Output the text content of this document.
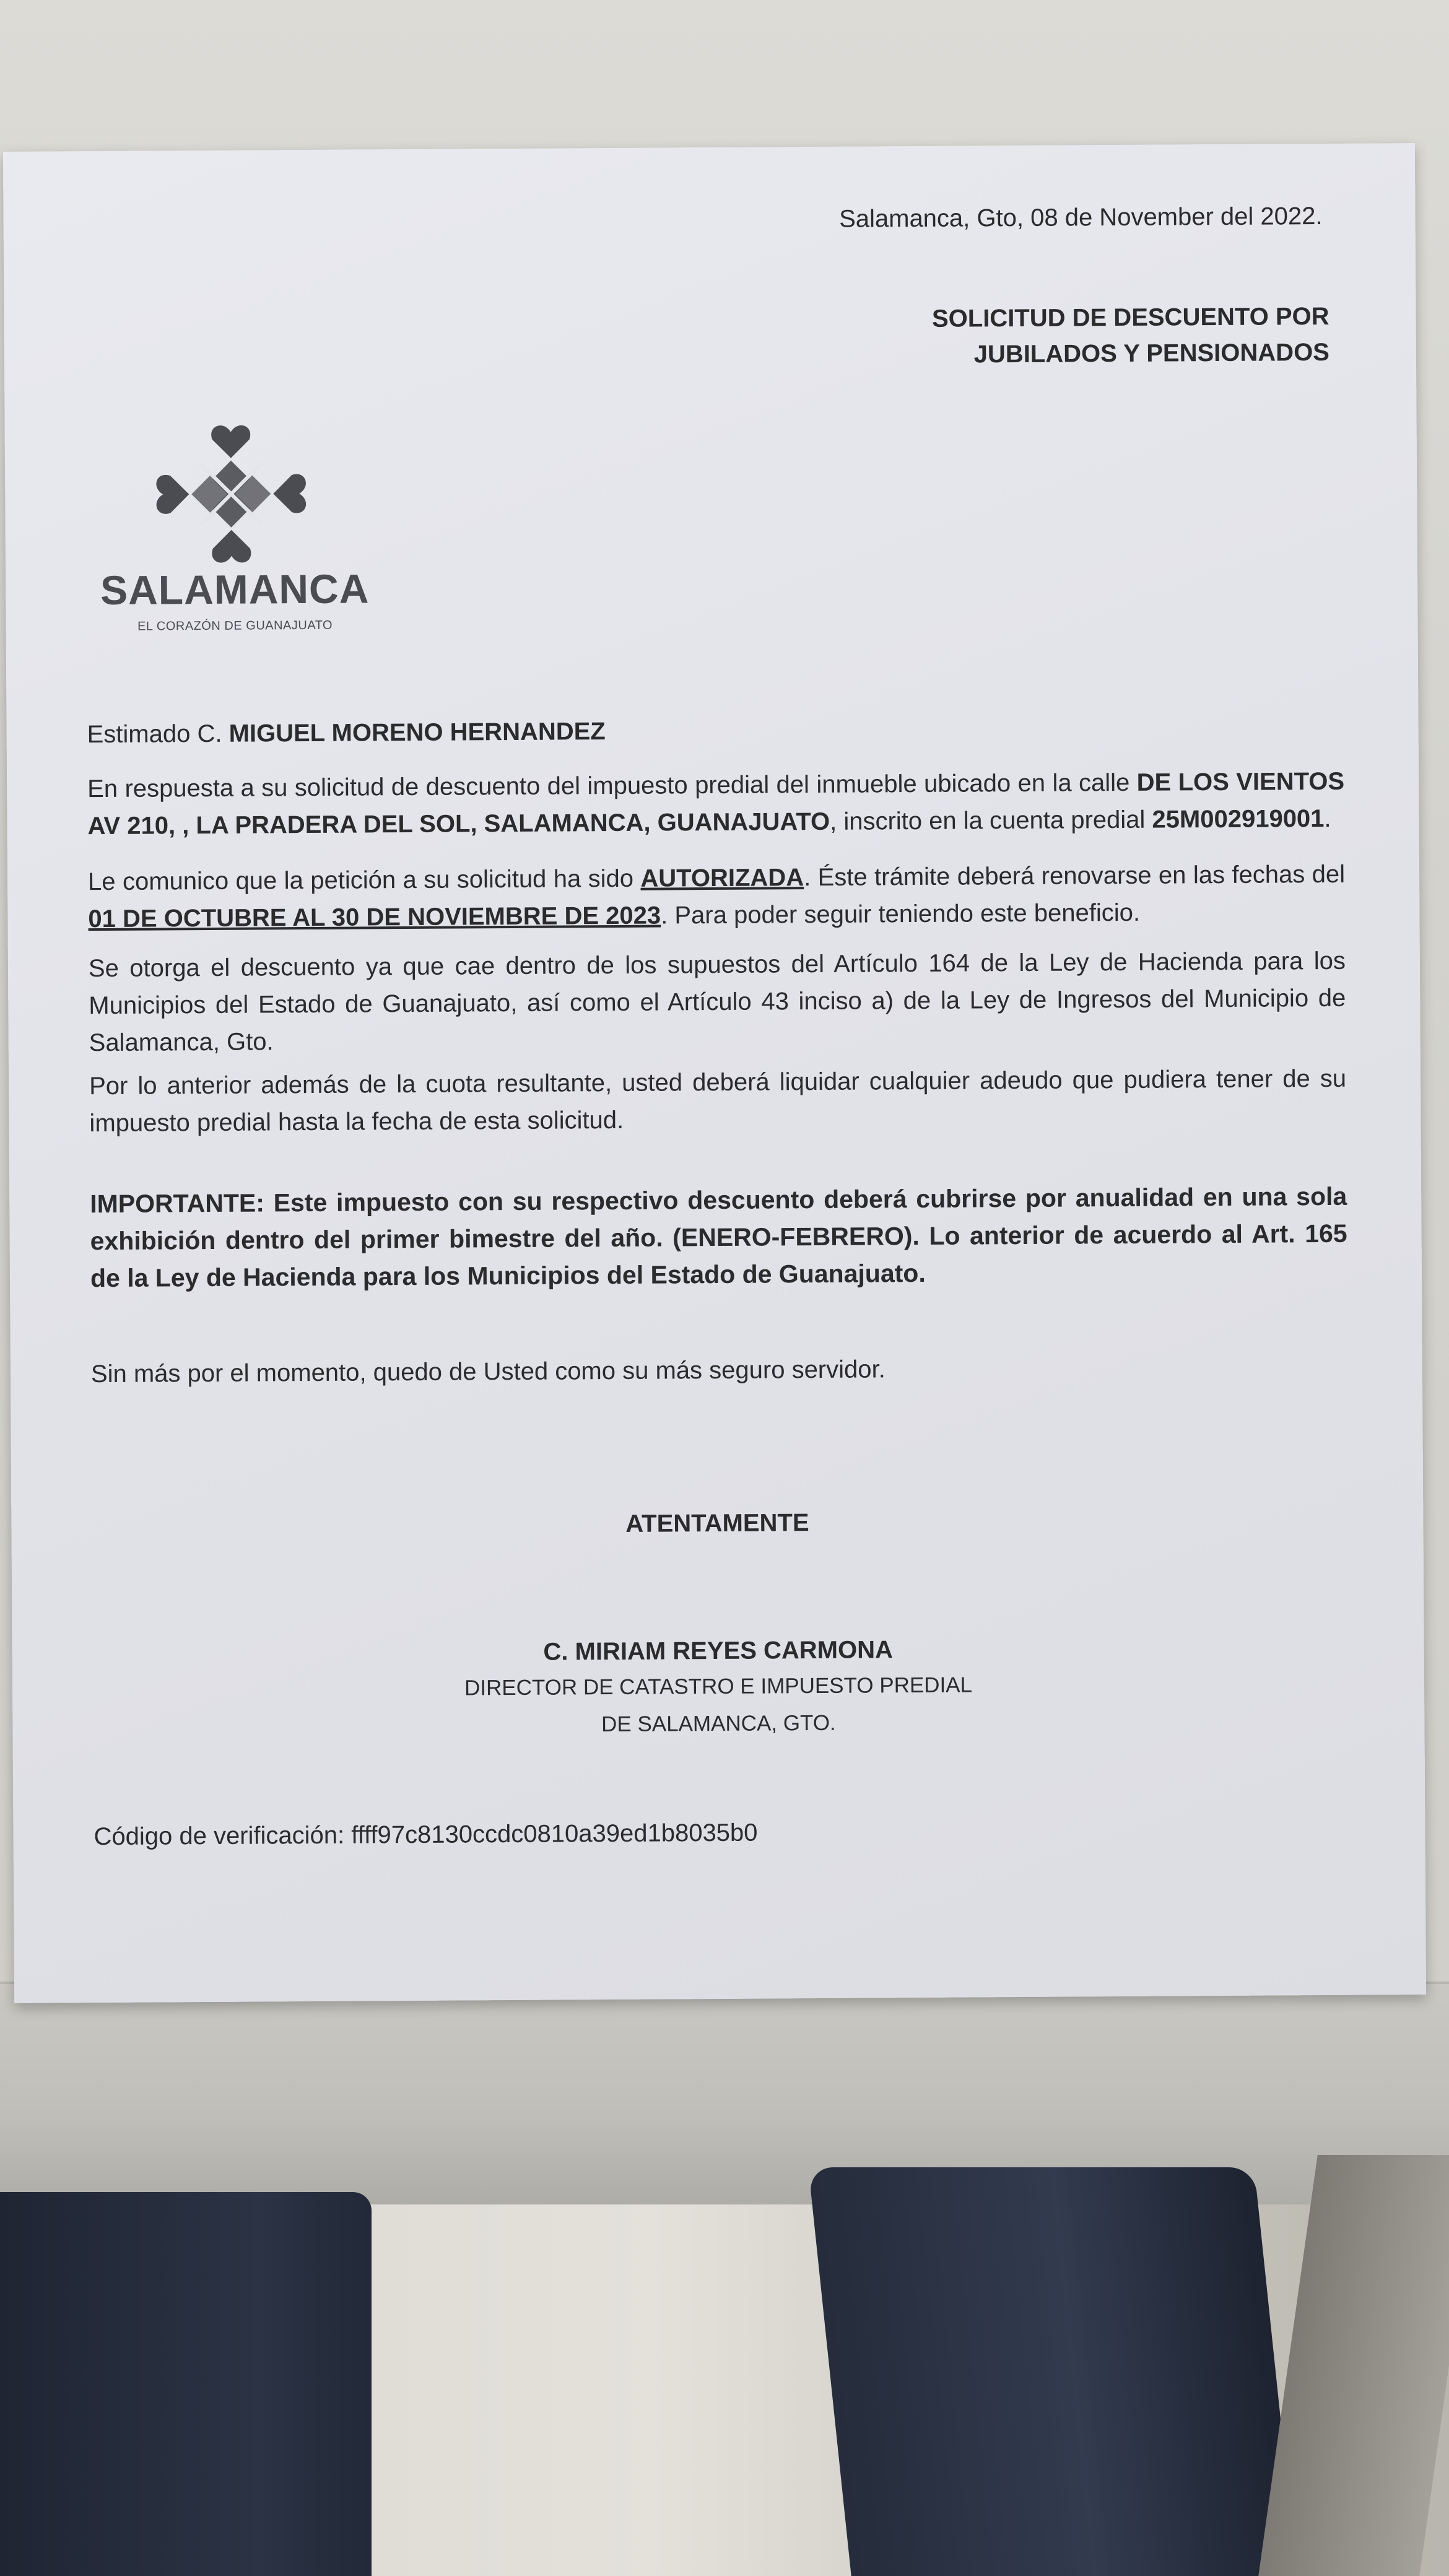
Salamanca, Gto, 08 de November del 2022.
SOLICITUD DE DESCUENTO POR
JUBILADOS Y PENSIONADOS
SALAMANCA
EL CORAZÓN DE GUANAJUATO
Estimado C. MIGUEL MORENO HERNANDEZ
En respuesta a su solicitud de descuento del impuesto predial del inmueble ubicado en la calle DE LOS VIENTOS AV 210, , LA PRADERA DEL SOL, SALAMANCA, GUANAJUATO, inscrito en la cuenta predial 25M002919001.
Le comunico que la petición a su solicitud ha sido AUTORIZADA. Éste trámite deberá renovarse en las fechas del 01 DE OCTUBRE AL 30 DE NOVIEMBRE DE 2023. Para poder seguir teniendo este beneficio.
Se otorga el descuento ya que cae dentro de los supuestos del Artículo 164 de la Ley de Hacienda para los Municipios del Estado de Guanajuato, así como el Artículo 43 inciso a) de la Ley de Ingresos del Municipio de Salamanca, Gto.
Por lo anterior además de la cuota resultante, usted deberá liquidar cualquier adeudo que pudiera tener de su impuesto predial hasta la fecha de esta solicitud.
IMPORTANTE: Este impuesto con su respectivo descuento deberá cubrirse por anualidad en una sola exhibición dentro del primer bimestre del año. (ENERO-FEBRERO). Lo anterior de acuerdo al Art. 165 de la Ley de Hacienda para los Municipios del Estado de Guanajuato.
Sin más por el momento, quedo de Usted como su más seguro servidor.
ATENTAMENTE
C. MIRIAM REYES CARMONA
DIRECTOR DE CATASTRO E IMPUESTO PREDIAL
DE SALAMANCA, GTO.
Código de verificación: ffff97c8130ccdc0810a39ed1b8035b0
